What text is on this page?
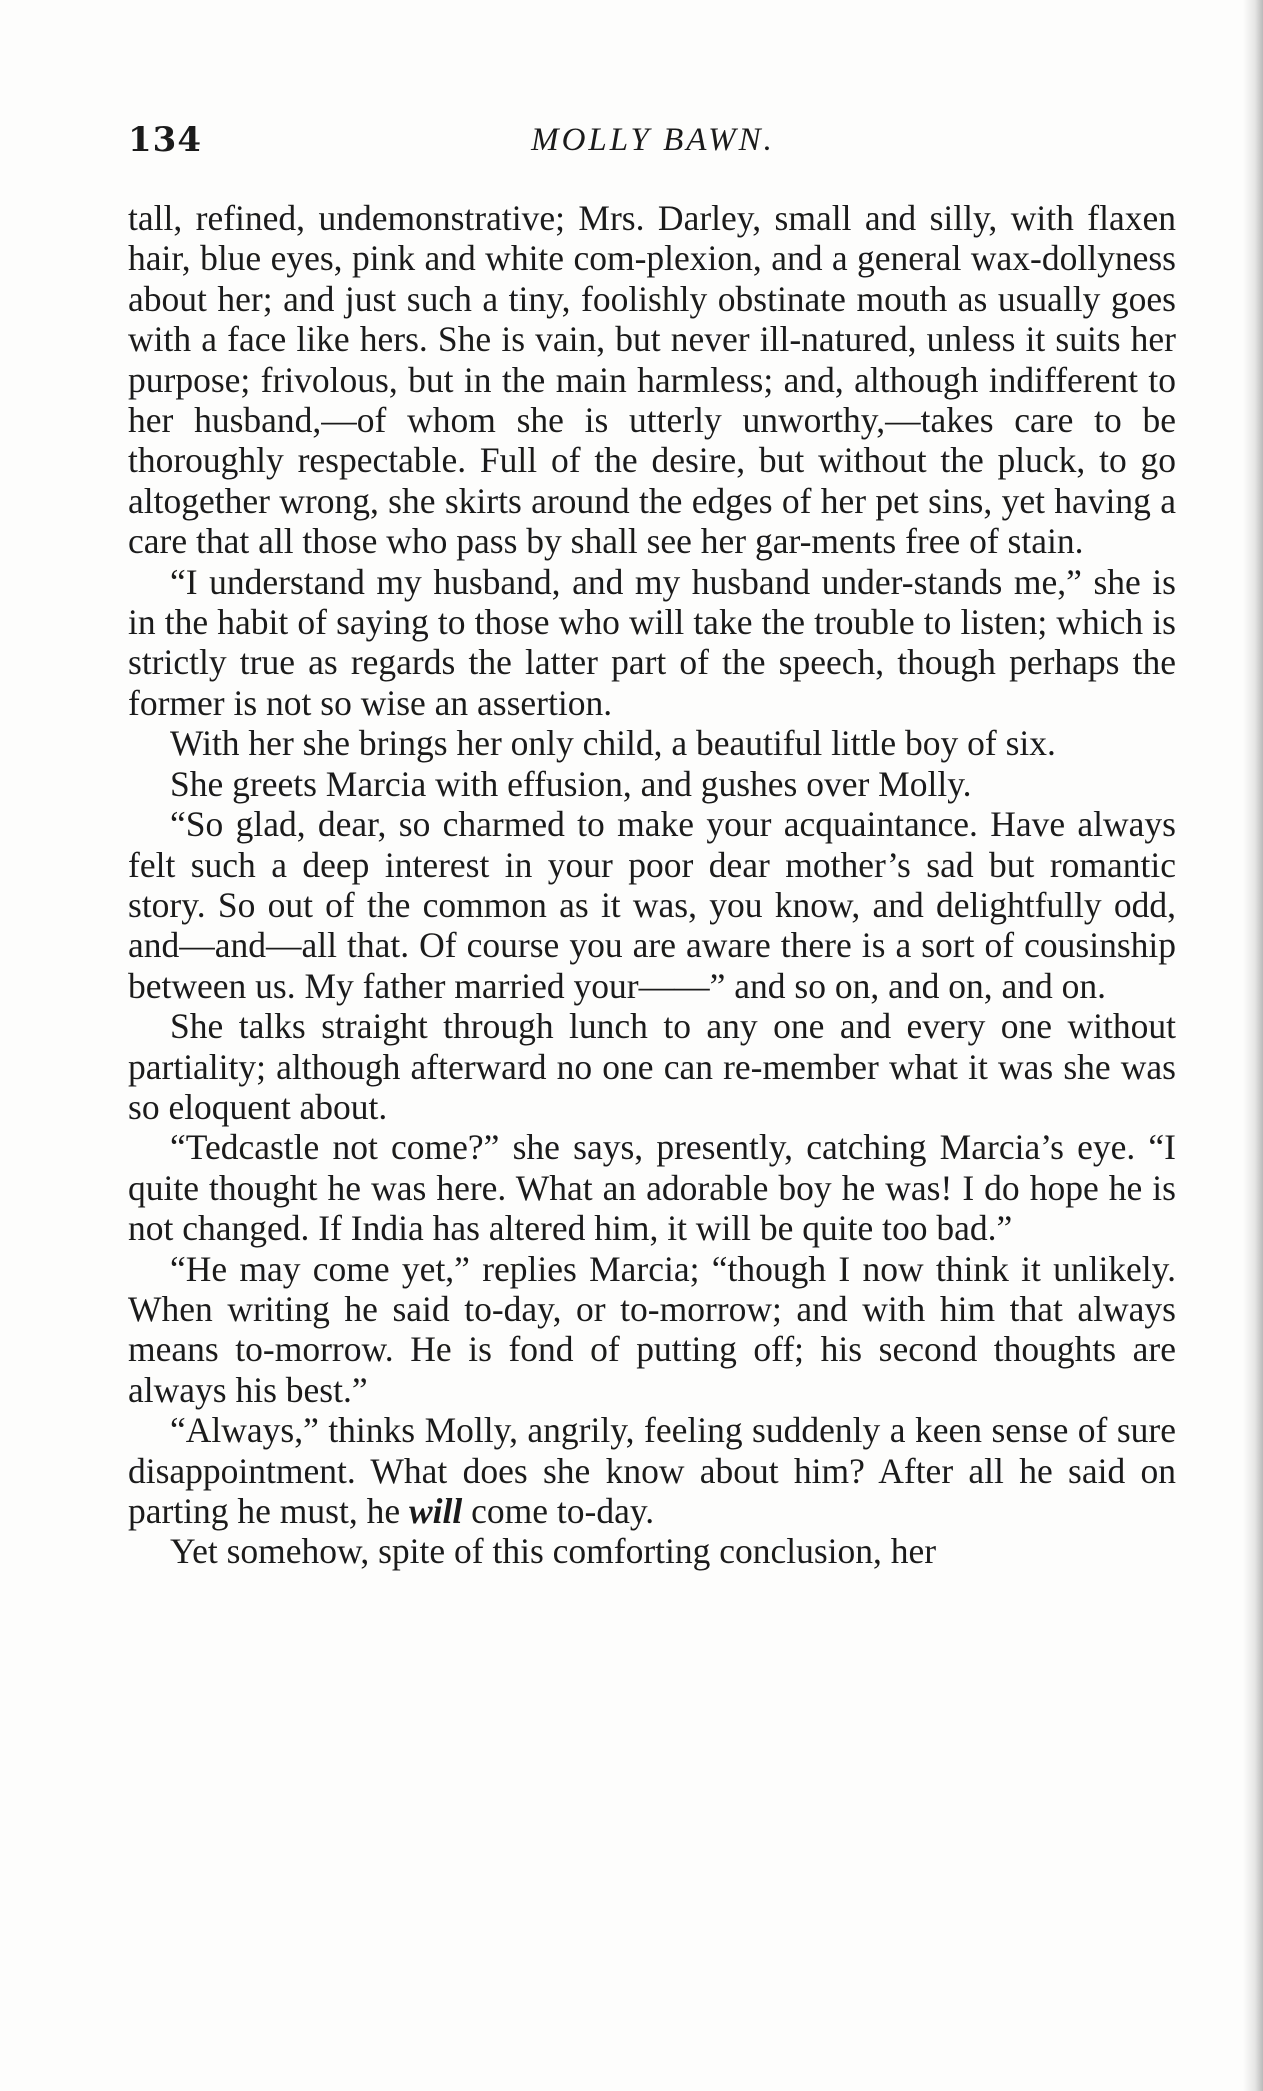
134	MOLLY BAWN.

tall, refined, undemonstrative; Mrs. Darley, small and silly, with flaxen hair, blue eyes, pink and white com-plexion, and a general wax-dollyness about her; and just such a tiny, foolishly obstinate mouth as usually goes with a face like hers. She is vain, but never ill-natured, unless it suits her purpose; frivolous, but in the main harmless; and, although indifferent to her husband,—of whom she is utterly unworthy,—takes care to be thoroughly respectable. Full of the desire, but without the pluck, to go altogether wrong, she skirts around the edges of her pet sins, yet having a care that all those who pass by shall see her gar-ments free of stain.

“I understand my husband, and my husband under-stands me,” she is in the habit of saying to those who will take the trouble to listen; which is strictly true as regards the latter part of the speech, though perhaps the former is not so wise an assertion.

With her she brings her only child, a beautiful little boy of six.

She greets Marcia with effusion, and gushes over Molly.

“So glad, dear, so charmed to make your acquaintance. Have always felt such a deep interest in your poor dear mother’s sad but romantic story. So out of the common as it was, you know, and delightfully odd, and—and—all that. Of course you are aware there is a sort of cousinship between us. My father married your——” and so on, and on, and on.

She talks straight through lunch to any one and every one without partiality; although afterward no one can re-member what it was she was so eloquent about.

“Tedcastle not come?” she says, presently, catching Marcia’s eye. “I quite thought he was here. What an adorable boy he was! I do hope he is not changed. If India has altered him, it will be quite too bad.”

“He may come yet,” replies Marcia; “though I now think it unlikely. When writing he said to-day, or to-morrow; and with him that always means to-morrow. He is fond of putting off; his second thoughts are always his best.”

“Always,” thinks Molly, angrily, feeling suddenly a keen sense of sure disappointment. What does she know about him? After all he said on parting he must, he will come to-day.

Yet somehow, spite of this comforting conclusion, her
